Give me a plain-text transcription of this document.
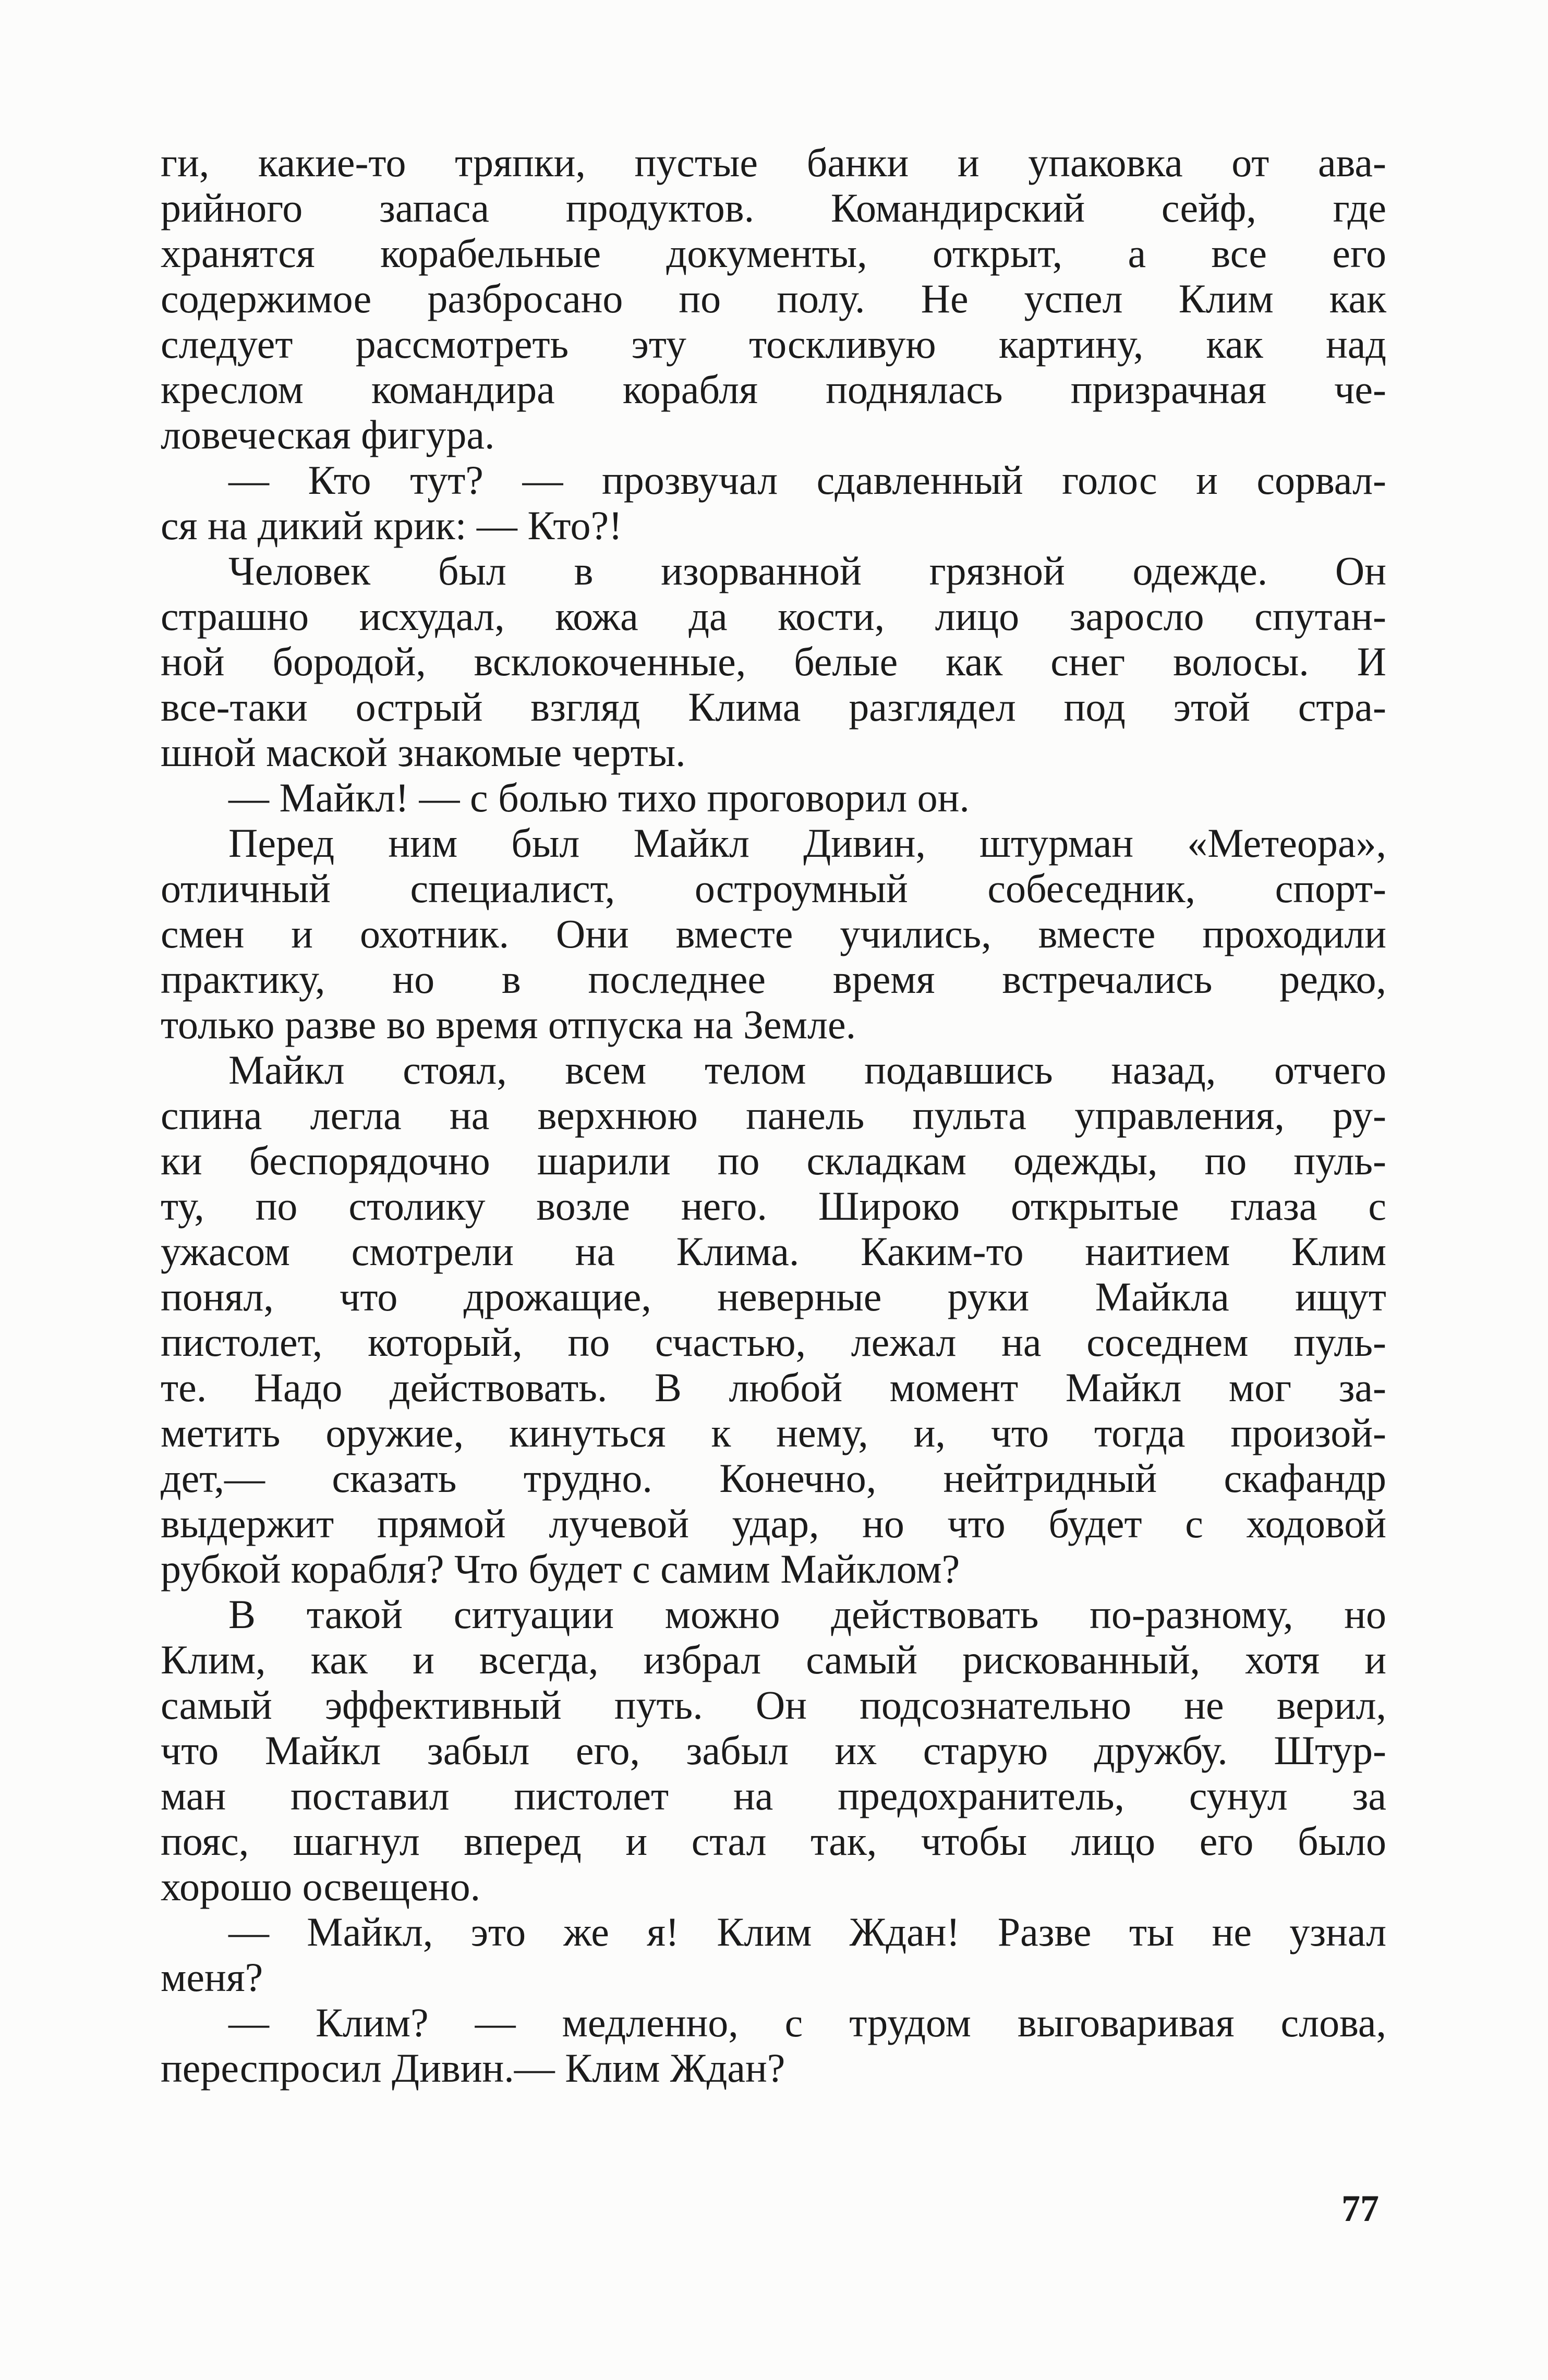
ги, какие-то тряпки, пустые банки и упаковка от ава-
рийного запаса продуктов. Командирский сейф, где
хранятся корабельные документы, открыт, а все его
содержимое разбросано по полу. Не успел Клим как
следует рассмотреть эту тоскливую картину, как над
креслом командира корабля поднялась призрачная че-
ловеческая фигура.
— Кто тут? — прозвучал сдавленный голос и сорвал-
ся на дикий крик: — Кто?!
Человек был в изорванной грязной одежде. Он
страшно исхудал, кожа да кости, лицо заросло спутан-
ной бородой, всклокоченные, белые как снег волосы. И
все-таки острый взгляд Клима разглядел под этой стра-
шной маской знакомые черты.
— Майкл! — с болью тихо проговорил он.
Перед ним был Майкл Дивин, штурман «Метеора»,
отличный специалист, остроумный собеседник, спорт-
смен и охотник. Они вместе учились, вместе проходили
практику, но в последнее время встречались редко,
только разве во время отпуска на Земле.
Майкл стоял, всем телом подавшись назад, отчего
спина легла на верхнюю панель пульта управления, ру-
ки беспорядочно шарили по складкам одежды, по пуль-
ту, по столику возле него. Широко открытые глаза с
ужасом смотрели на Клима. Каким-то наитием Клим
понял, что дрожащие, неверные руки Майкла ищут
пистолет, который, по счастью, лежал на соседнем пуль-
те. Надо действовать. В любой момент Майкл мог за-
метить оружие, кинуться к нему, и, что тогда произой-
дет,— сказать трудно. Конечно, нейтридный скафандр
выдержит прямой лучевой удар, но что будет с ходовой
рубкой корабля? Что будет с самим Майклом?
В такой ситуации можно действовать по-разному, но
Клим, как и всегда, избрал самый рискованный, хотя и
самый эффективный путь. Он подсознательно не верил,
что Майкл забыл его, забыл их старую дружбу. Штур-
ман поставил пистолет на предохранитель, сунул за
пояс, шагнул вперед и стал так, чтобы лицо его было
хорошо освещено.
— Майкл, это же я! Клим Ждан! Разве ты не узнал
меня?
— Клим? — медленно, с трудом выговаривая слова,
переспросил Дивин.— Клим Ждан?
77
